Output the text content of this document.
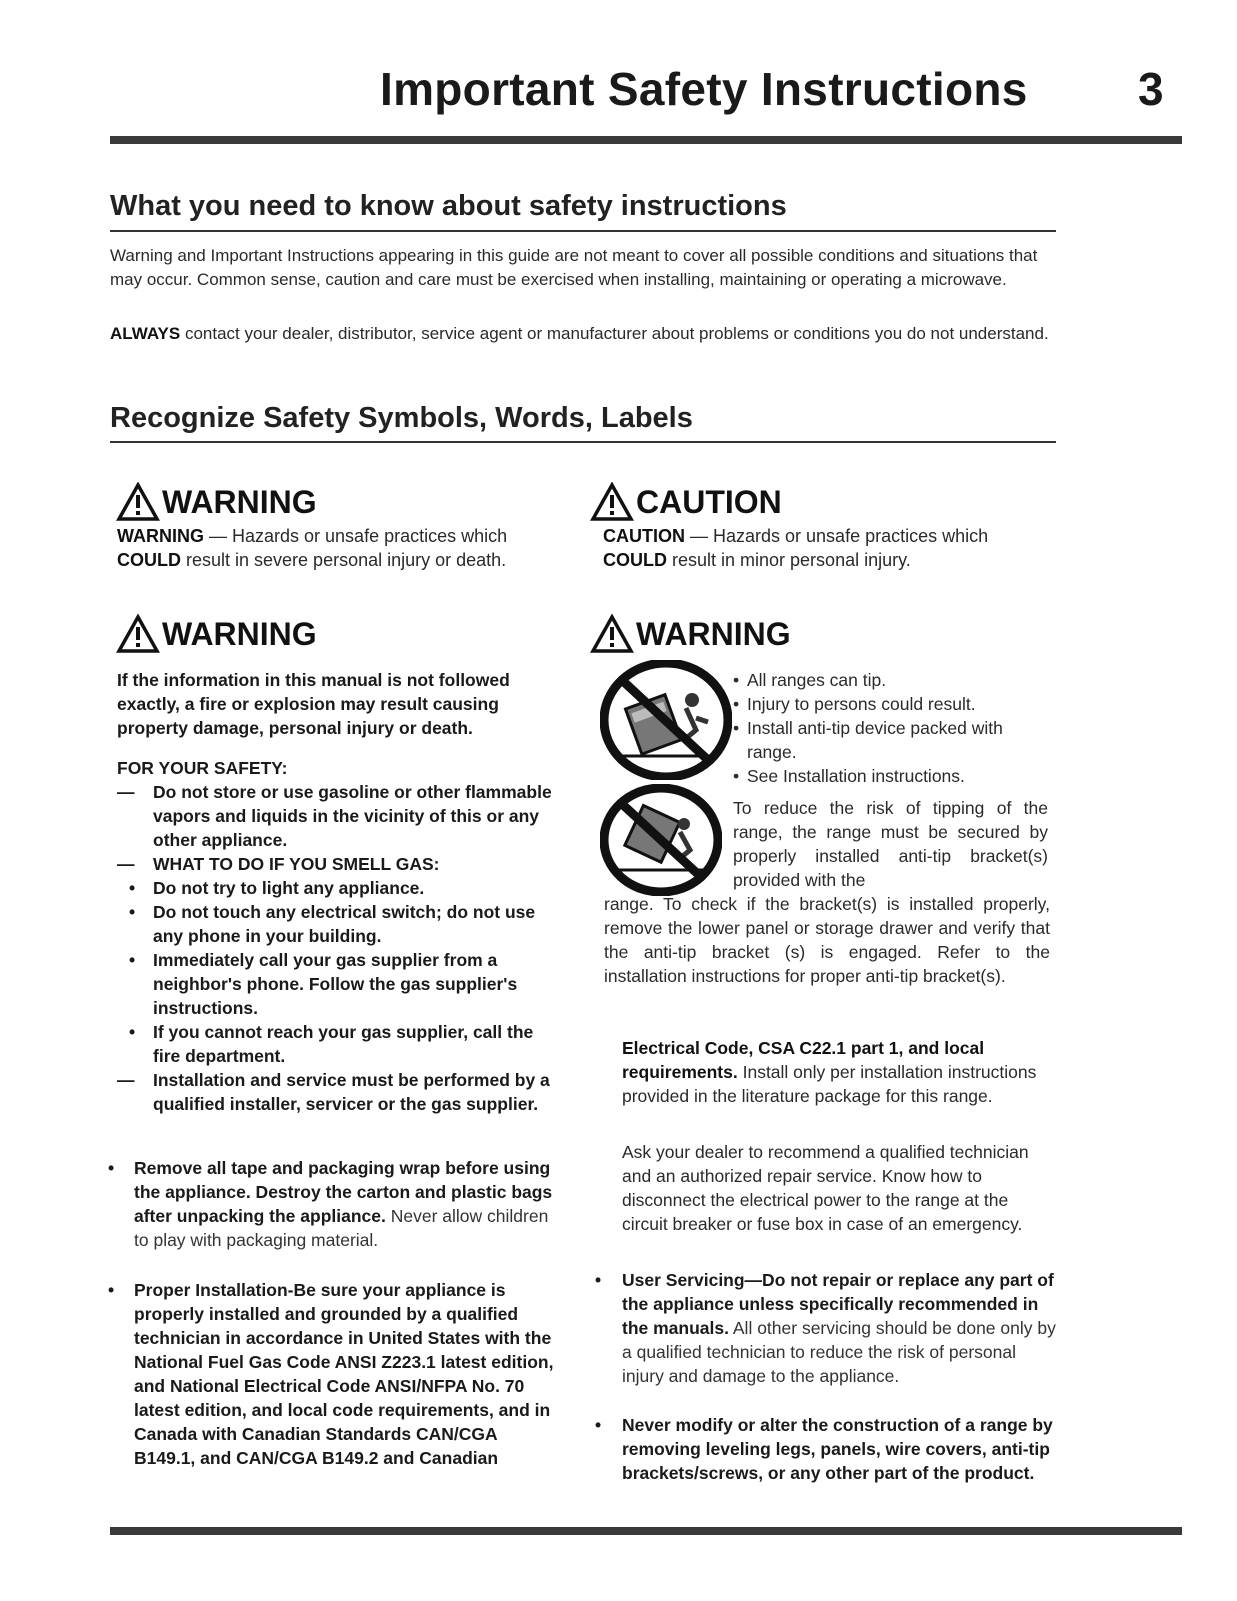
Important Safety Instructions 3
What you need to know about safety instructions
Warning and Important Instructions appearing in this guide are not meant to cover all possible conditions and situations that may occur. Common sense, caution and care must be exercised when installing, maintaining or operating a microwave.
ALWAYS contact your dealer, distributor, service agent or manufacturer about problems or conditions you do not understand.
Recognize Safety Symbols, Words, Labels
WARNING
WARNING — Hazards or unsafe practices which
COULD result in severe personal injury or death.
CAUTION
CAUTION — Hazards or unsafe practices which
COULD result in minor personal injury.
WARNING
If the information in this manual is not followed exactly, a fire or explosion may result causing property damage, personal injury or death.
FOR YOUR SAFETY:
— Do not store or use gasoline or other flammable vapors and liquids in the vicinity of this or any other appliance.
— WHAT TO DO IF YOU SMELL GAS:
• Do not try to light any appliance.
• Do not touch any electrical switch; do not use any phone in your building.
• Immediately call your gas supplier from a neighbor's phone. Follow the gas supplier's instructions.
• If you cannot reach your gas supplier, call the fire department.
— Installation and service must be performed by a qualified installer, servicer or the gas supplier.
• Remove all tape and packaging wrap before using the appliance. Destroy the carton and plastic bags after unpacking the appliance. Never allow children to play with packaging material.
• Proper Installation-Be sure your appliance is properly installed and grounded by a qualified technician in accordance in United States with the National Fuel Gas Code ANSI Z223.1 latest edition, and National Electrical Code ANSI/NFPA No. 70 latest edition, and local code requirements, and in Canada with Canadian Standards CAN/CGA B149.1, and CAN/CGA B149.2 and Canadian
WARNING
• All ranges can tip.
• Injury to persons could result.
• Install anti-tip device packed with range.
• See Installation instructions.
To reduce the risk of tipping of the range, the range must be secured by properly installed anti-tip bracket(s) provided with the
range. To check if the bracket(s) is installed properly, remove the lower panel or storage drawer and verify that the anti-tip bracket (s) is engaged. Refer to the installation instructions for proper anti-tip bracket(s).
Electrical Code, CSA C22.1 part 1, and local requirements. Install only per installation instructions provided in the literature package for this range.
Ask your dealer to recommend a qualified technician and an authorized repair service. Know how to disconnect the electrical power to the range at the circuit breaker or fuse box in case of an emergency.
• User Servicing—Do not repair or replace any part of the appliance unless specifically recommended in the manuals. All other servicing should be done only by a qualified technician to reduce the risk of personal injury and damage to the appliance.
• Never modify or alter the construction of a range by removing leveling legs, panels, wire covers, anti-tip brackets/screws, or any other part of the product.
